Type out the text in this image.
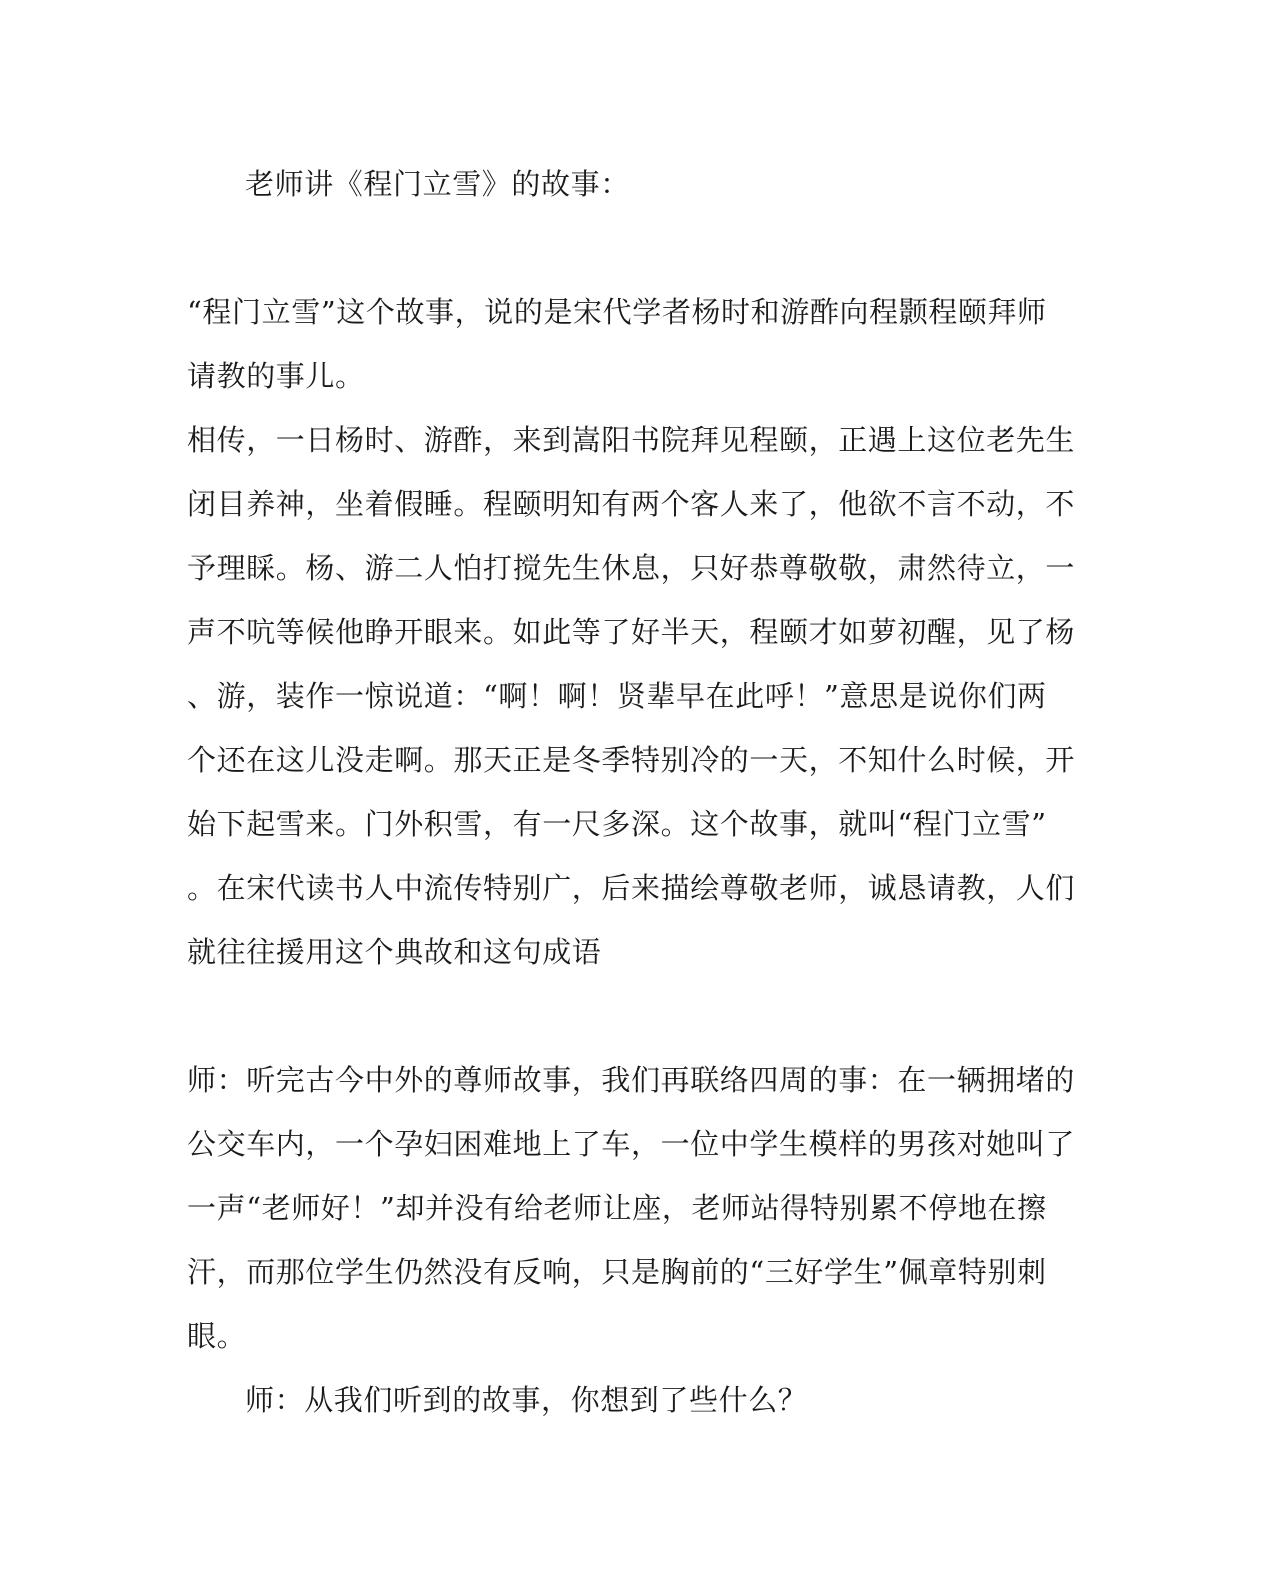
老师讲《程门立雪》的故事：

“程门立雪”这个故事，说的是宋代学者杨时和游酢向程颢程颐拜师

请教的事儿。

相传，一日杨时、游酢，来到嵩阳书院拜见程颐，正遇上这位老先生

闭目养神，坐着假睡。程颐明知有两个客人来了，他欲不言不动，不

予理睬。杨、游二人怕打搅先生休息，只好恭尊敬敬，肃然待立，一

声不吭等候他睁开眼来。如此等了好半天，程颐才如萝初醒，见了杨

、游，装作一惊说道：“啊！啊！贤辈早在此呼！”意思是说你们两

个还在这儿没走啊。那天正是冬季特别冷的一天，不知什么时候，开

始下起雪来。门外积雪，有一尺多深。这个故事，就叫“程门立雪”

。在宋代读书人中流传特别广，后来描绘尊敬老师，诚恳请教，人们

就往往援用这个典故和这句成语

师：听完古今中外的尊师故事，我们再联络四周的事：在一辆拥堵的

公交车内，一个孕妇困难地上了车，一位中学生模样的男孩对她叫了

一声“老师好！”却并没有给老师让座，老师站得特别累不停地在擦

汗，而那位学生仍然没有反响，只是胸前的“三好学生”佩章特别刺

眼。

师：从我们听到的故事，你想到了些什么？
